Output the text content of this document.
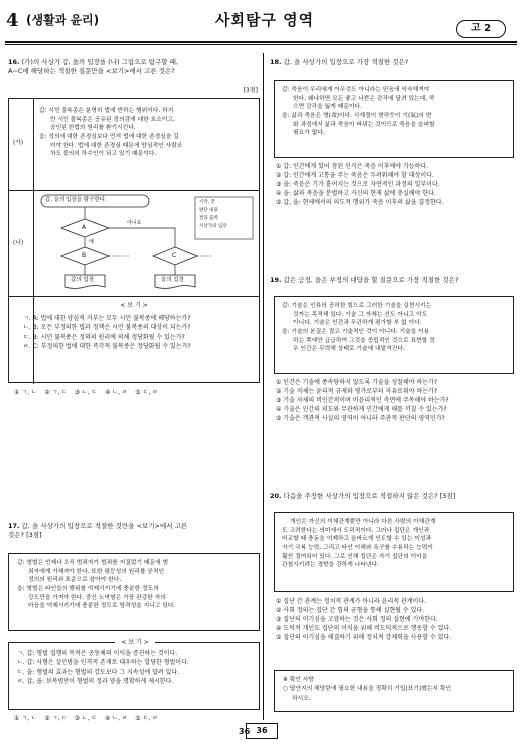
4 (생활과 윤리)	사회탐구 영역	고 2
16. (가)의 사상가 갑, 을의 입장을 (나) 그림으로 탐구할 때,
A~C에 해당하는 적절한 질문만을 <보기>에서 고른 것은?
[3점]
(가)
(나)
갑: 시민 불복종은 분명히 법에 반하는 행위이다. 하지
만 시민 불복종은 공유된 정의감에 대한 호소이고,
공인된 헌법의 원리를 환기시킨다.
을: 정의에 대한 존경심보다 먼저 법에 대한 존경심을 길
러야 한다. 법에 대한 존경심 때문에 양심적인 사람조
차도 불의의 하수인이 되고 있기 때문이다.
갑, 을의 입장을 탐구한다.
A
B	C
아니요
예
갑의 입장	을의 입장
시작, 끝
판단 내용
결과 출력
사상가의 입장
< 보 기 >
ㄱ. A: 법에 대한 양심적 거부는 모두 시민 불복종에 해당하는가?
ㄴ. B: 모든 부정의한 법과 정책은 시민 불복종의 대상이 되는가?
ㄷ. B: 시민 불복종은 정의의 원리에 의해 정당화될 수 있는가?
ㄹ. C: 부정의한 법에 대한 즉각적 불복종은 정당화될 수 있는가?
① ㄱ, ㄴ    ② ㄱ, ㄷ    ③ ㄴ, ㄷ    ④ ㄴ, ㄹ    ⑤ ㄷ, ㄹ
17. 갑, 을 사상가의 입장으로 적절한 것만을 <보기>에서 고른
것은? [3점]
갑: 형벌은 언제나 오직 범죄자가 범죄를 저질렀기 때문에 범
죄자에게 가해져야 한다. 또한 평등성의 원리를 공적인
정의의 원리와 표준으로 삼아야 한다.
을: 형벌은 타인들의 행위를 억제시키기에 충분한 정도의
강도만을 가져야 한다. 중신 노역형은 가장 완강한 자의
마음을 억제시키기에 충분한 정도로 엄격성을 지니고 있다.
< 보 기 >
ㄱ. 갑: 형벌 집행의 목적은 공동체의 이익을 증진하는 것이다.
ㄴ. 갑: 사형은 살인범을 인격적 존재로 대우하는 합당한 형벌이다.
ㄷ. 을: 형벌의 효과는 형벌의 강도보다 그 지속성에 달려 있다.
ㄹ. 갑, 을: 보복범만이 형벌의 정과 양을 명확하게 제시한다.
① ㄱ, ㄴ    ② ㄱ, ㄷ    ③ ㄴ, ㄷ    ④ ㄴ, ㄹ    ⑤ ㄷ, ㄹ
18. 갑, 을 사상가의 입장으로 가장 적절한 것은?
갑: 죽음이 우리에게 아무것도 아니라는 믿음에 익숙해져야
한다. 왜냐하면 모든 좋고 나쁜은 감각에 달려 있는데, 죽
으면 감각을 잃게 때문이다.
을: 삶과 죽음은 명(命)이다. 사계절이 변하듯이 기(氣)의 변
화 과정에서 삶과 죽음이 바뀌는 것이므로 죽음을 슬퍼할
필요가 없다.
① 갑: 인간에게 있어 참된 인식은 죽음 이후에야 가능하다.
② 갑: 인간에게 고통을 주는 죽음은 두려워해야 할 대상이다.
③ 을: 죽음은 기가 흩어지는 것으로 자연적인 과정의 일부이다.
④ 을: 삶과 죽음을 분별하고 자신의 현재 삶에 충실해야 한다.
⑤ 갑, 을: 현세에서의 의도적 행위가 죽음 이후의 삶을 결정한다.
19. 갑은 긍정, 을은 부정의 대답을 할 질문으로 가장 적절한 것은?
갑: 기술은 인류의 공허한 힘으로 그러한 기술을 실현시키는
것까는 목적해 있다. 기술 그 자체는 선도 아니고 악도
아니다. 기술은 인간과 무관하게 평가할 부 없 이다.
을: 기술의 본질은 결코 기술적인 것이 아니다. 기술을 이용
하는 쪽에만 급급하여 그것을 중립적인 것으로 표현할 정
우 인간은 무력해 상태로 기술에 내맡겨진다.
① 인간은 기술에 종속당하지 않도록 기술을 성찰해야 하는가?
② 기술 자체는 윤리적 규제와 평가로부터 자유로워야 하는가?
③ 기술 자체의 비인간적이며 비윤리적인 측면에 주목해야 하는가?
④ 기술은 인간의 의도와 무관하게 인간에게 해를 끼칠 수 있는가?
⑤ 기술은 객관적 사실의 영역이 아니라 주관적 판단의 영역인가?
20. 다음을 주장한 사상가의 입장으로 적절하지 않은 것은? [3점]
개인은 자신의 이해관계뿐만 아니라 다른 사람의 이해관계
도 고려한다는 의미에서 도덕적이다. 그러나 집단은 개인과
비교할 때 충동을 억제하고 올바르게 인도할 수 있는 이성과
자기 극복 능력, 그리고 타인 이해와 욕구를 수용하는 능력이
훨씬 결여되어 있다. 그로 인해 집단은 자기 집단의 이익을
관철시키려는 경향을 강하게 나타낸다.
① 집단 간 관계는 정치적 관계가 아니라 윤리적 관계이다.
② 사회 정의는 집단 간 힘의 균형을 통해 실현될 수 있다.
③ 집단의 이기심을 고양하는 것은 사회 정의 실현에 기여한다.
④ 도덕적 개인도 집단의 이익을 위해 비도덕적으로 행동할 수 있다.
⑤ 집단의 이기심을 해결하기 위해 정치적 강제력을 사용할 수 있다.
※ 확인 사항
○ 답안지의 해당란에 필요한 내용을 정확히 기입(표기)했는지 확인
하시오.
36 36
